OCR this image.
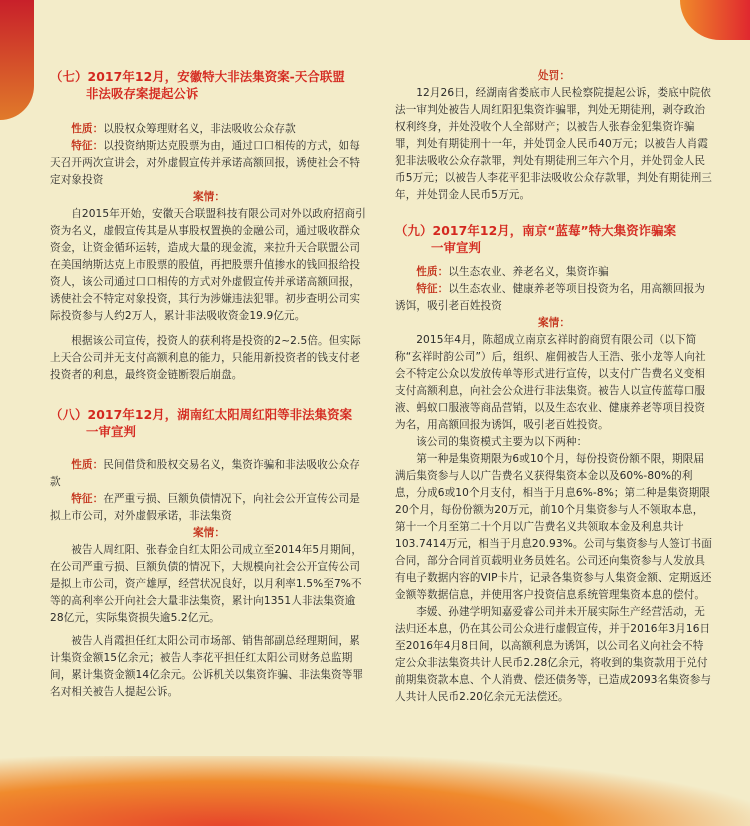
（七）2017年12月，安徽特大非法集资案-天合联盟
非法吸存案提起公诉

性质：以股权众筹理财名义，非法吸收公众存款

特征：以投资纳斯达克股票为由，通过口口相传的方式，如每天召开两次宣讲会，对外虚假宣传并承诺高额回报，诱使社会不特定对象投资

案情：

自2015年开始，安徽天合联盟科技有限公司对外以政府招商引资为名义，虚假宣传其是从事股权置换的金融公司，通过吸收群众资金，让资金循环运转，造成大量的现金流，来拉升天合联盟公司在美国纳斯达克上市股票的股值，再把股票升值掺水的钱回报给投资人，该公司通过口口相传的方式对外虚假宣传并承诺高额回报，诱使社会不特定对象投资，其行为涉嫌违法犯罪。初步查明公司实际投资参与人约2万人，累计非法吸收资金19.9亿元。

根据该公司宣传，投资人的获利将是投资的2~2.5倍。但实际上天合公司并无支付高额利息的能力，只能用新投资者的钱支付老投资者的利息，最终资金链断裂后崩盘。

（八）2017年12月，湖南红太阳周红阳等非法集资案
一审宣判

性质：民间借贷和股权交易名义，集资诈骗和非法吸收公众存款

特征：在严重亏损、巨额负债情况下，向社会公开宣传公司是拟上市公司，对外虚假承诺，非法集资

案情：

被告人周红阳、张春金自红太阳公司成立至2014年5月期间，在公司严重亏损、巨额负债的情况下，大规模向社会公开宣传公司是拟上市公司，资产雄厚，经营状况良好，以月利率1.5%至7%不等的高利率公开向社会大量非法集资，累计向1351人非法集资逾28亿元，实际集资损失逾5.2亿元。

被告人肖霞担任红太阳公司市场部、销售部副总经理期间，累计集资金额15亿余元；被告人李花平担任红太阳公司财务总监期间，累计集资金额14亿余元。公诉机关以集资诈骗、非法集资等罪名对相关被告人提起公诉。

处罚：

12月26日，经湖南省娄底市人民检察院提起公诉，娄底中院依法一审判处被告人周红阳犯集资诈骗罪，判处无期徒刑，剥夺政治权利终身，并处没收个人全部财产；以被告人张春金犯集资诈骗罪，判处有期徒刑十一年，并处罚金人民币40万元；以被告人肖霞犯非法吸收公众存款罪，判处有期徒刑三年六个月，并处罚金人民币5万元；以被告人李花平犯非法吸收公众存款罪，判处有期徒刑三年，并处罚金人民币5万元。

（九）2017年12月，南京“蓝莓”特大集资诈骗案
一审宣判

性质：以生态农业、养老名义，集资诈骗

特征：以生态农业、健康养老等项目投资为名，用高额回报为诱饵，吸引老百姓投资

案情：

2015年4月，陈超成立南京玄祥时韵商贸有限公司（以下简称“玄祥时韵公司”）后，组织、雇佣被告人王浩、张小龙等人向社会不特定公众以发放传单等形式进行宣传，以支付广告费名义变相支付高额利息，向社会公众进行非法集资。被告人以宣传蓝莓口服液、蚂蚁口服液等商品营销，以及生态农业、健康养老等项目投资为名，用高额回报为诱饵，吸引老百姓投资。

该公司的集资模式主要为以下两种：

第一种是集资期限为6或10个月，每份投资份额不限，期限届满后集资参与人以广告费名义获得集资本金以及60%-80%的利息，分成6或10个月支付，相当于月息6%-8%；第二种是集资期限20个月，每份份额为20万元，前10个月集资参与人不领取本息，第十一个月至第二十个月以广告费名义共领取本金及利息共计103.7414万元，相当于月息20.93%。公司与集资参与人签订书面合同，部分合同首页载明业务员姓名。公司还向集资参与人发放具有电子数据内容的VIP卡片，记录各集资参与人集资金额、定期返还金额等数据信息，并使用客户投资信息系统管理集资本息的偿付。

李媛、孙建学明知嘉爱睿公司并未开展实际生产经营活动，无法归还本息，仍在其公司公众进行虚假宣传，并于2016年3月16日至2016年4月8日间，以高额利息为诱饵，以公司名义向社会不特定公众非法集资共计人民币2.28亿余元，将收到的集资款用于兑付前期集资款本息、个人消费、偿还债务等，已造成2093名集资参与人共计人民币2.20亿余元无法偿还。
